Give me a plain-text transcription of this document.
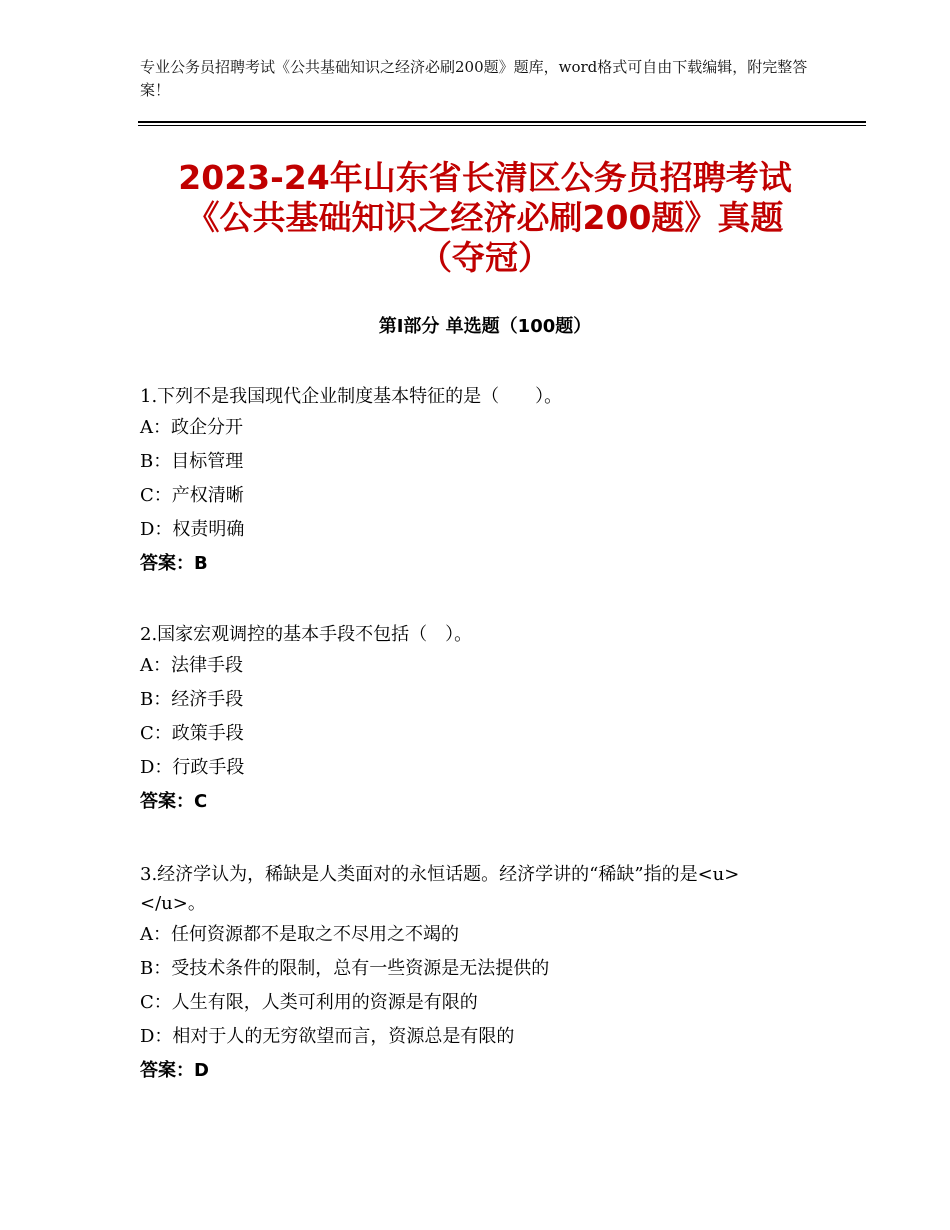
专业公务员招聘考试《公共基础知识之经济必刷200题》题库，word格式可自由下载编辑，附完整答案！
2023-24年山东省长清区公务员招聘考试
《公共基础知识之经济必刷200题》真题
（夺冠）
第Ⅰ部分 单选题（100题）

1.下列不是我国现代企业制度基本特征的是（　　）。

A：政企分开

B：目标管理

C：产权清晰

D：权责明确

答案：B

2.国家宏观调控的基本手段不包括（　）。

A：法律手段

B：经济手段

C：政策手段

D：行政手段

答案：C

3.经济学认为，稀缺是人类面对的永恒话题。经济学讲的“稀缺”指的是<u>　　　</u>。

A：任何资源都不是取之不尽用之不竭的

B：受技术条件的限制，总有一些资源是无法提供的

C：人生有限，人类可利用的资源是有限的

D：相对于人的无穷欲望而言，资源总是有限的

答案：D
